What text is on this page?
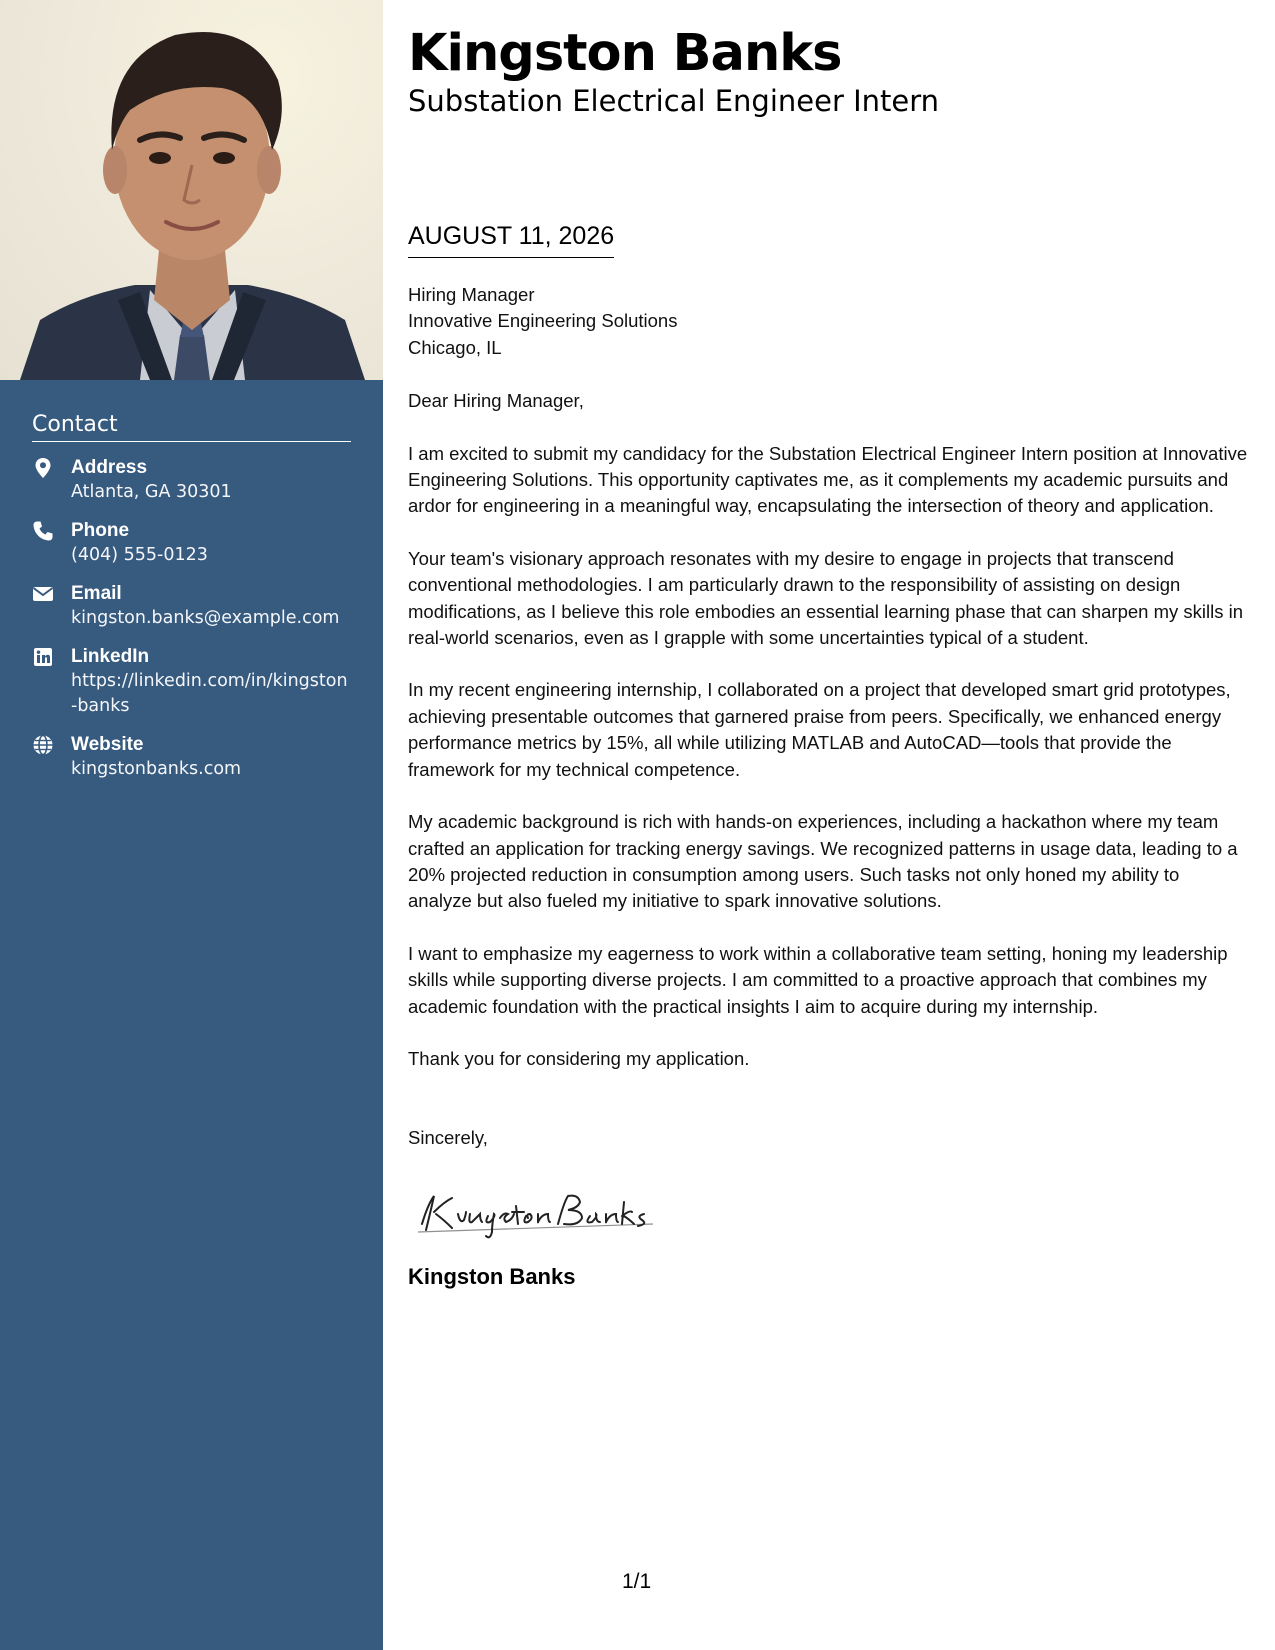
Contact
Address
Atlanta, GA 30301
Phone
(404) 555-0123
Email
kingston.banks@example.com
LinkedIn
https://linkedin.com/in/kingston-banks
Website
kingstonbanks.com
Kingston Banks
Substation Electrical Engineer Intern
AUGUST 11, 2026
Hiring Manager
Innovative Engineering Solutions
Chicago, IL
Dear Hiring Manager,
I am excited to submit my candidacy for the Substation Electrical Engineer Intern position at Innovative Engineering Solutions. This opportunity captivates me, as it complements my academic pursuits and ardor for engineering in a meaningful way, encapsulating the intersection of theory and application.
Your team's visionary approach resonates with my desire to engage in projects that transcend conventional methodologies. I am particularly drawn to the responsibility of assisting on design modifications, as I believe this role embodies an essential learning phase that can sharpen my skills in real-world scenarios, even as I grapple with some uncertainties typical of a student.
In my recent engineering internship, I collaborated on a project that developed smart grid prototypes, achieving presentable outcomes that garnered praise from peers. Specifically, we enhanced energy performance metrics by 15%, all while utilizing MATLAB and AutoCAD—tools that provide the framework for my technical competence.
My academic background is rich with hands-on experiences, including a hackathon where my team crafted an application for tracking energy savings. We recognized patterns in usage data, leading to a 20% projected reduction in consumption among users. Such tasks not only honed my ability to analyze but also fueled my initiative to spark innovative solutions.
I want to emphasize my eagerness to work within a collaborative team setting, honing my leadership skills while supporting diverse projects. I am committed to a proactive approach that combines my academic foundation with the practical insights I aim to acquire during my internship.
Thank you for considering my application.
Sincerely,
Kingston Banks
1/1
